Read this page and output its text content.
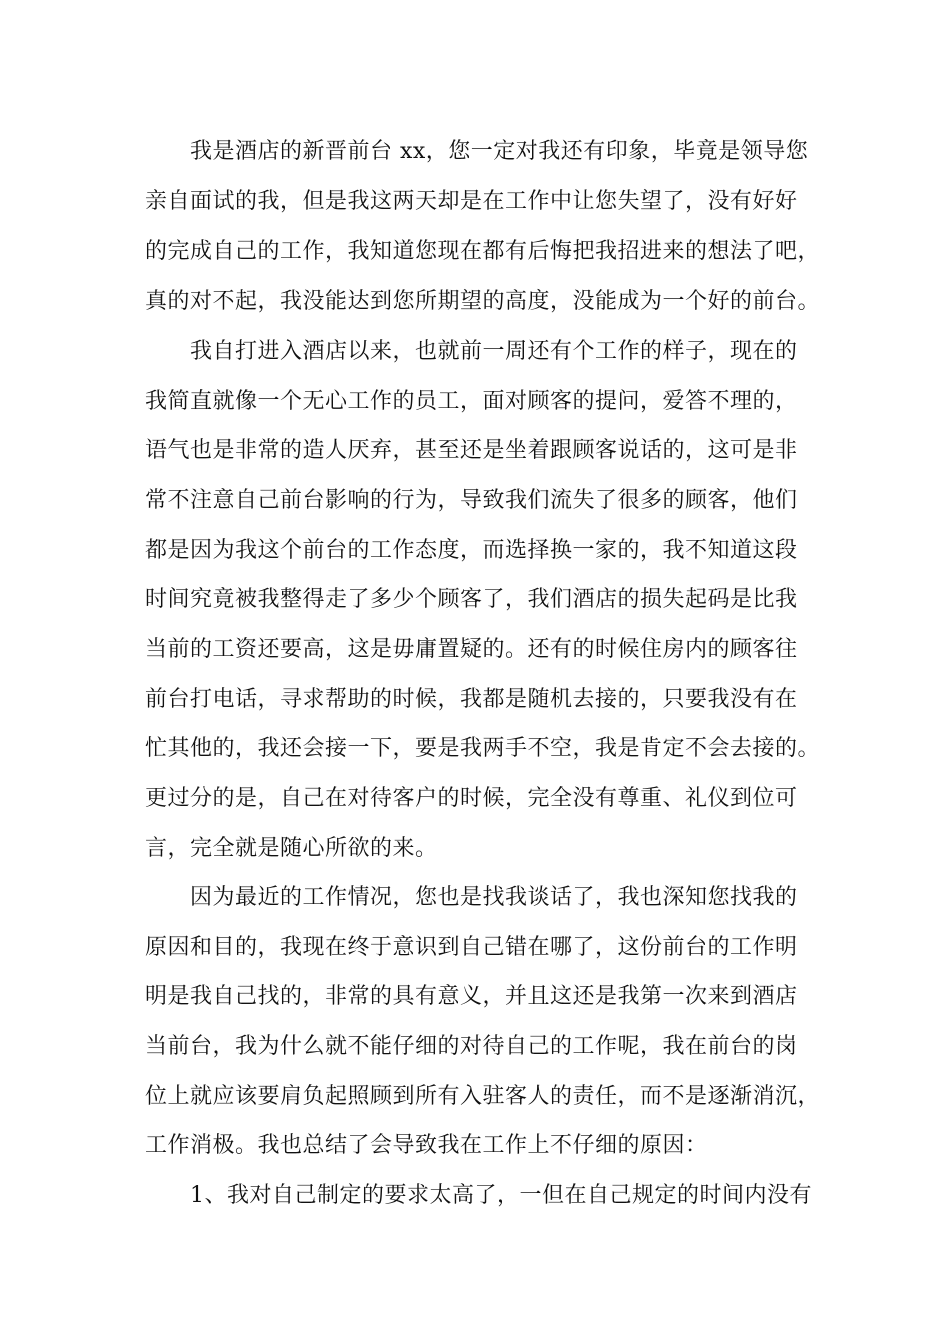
我是酒店的新晋前台 xx，您一定对我还有印象，毕竟是领导您
亲自面试的我，但是我这两天却是在工作中让您失望了，没有好好
的完成自己的工作，我知道您现在都有后悔把我招进来的想法了吧，
真的对不起，我没能达到您所期望的高度，没能成为一个好的前台。
我自打进入酒店以来，也就前一周还有个工作的样子，现在的
我简直就像一个无心工作的员工，面对顾客的提问，爱答不理的，
语气也是非常的造人厌弃，甚至还是坐着跟顾客说话的，这可是非
常不注意自己前台影响的行为，导致我们流失了很多的顾客，他们
都是因为我这个前台的工作态度，而选择换一家的，我不知道这段
时间究竟被我整得走了多少个顾客了，我们酒店的损失起码是比我
当前的工资还要高，这是毋庸置疑的。还有的时候住房内的顾客往
前台打电话，寻求帮助的时候，我都是随机去接的，只要我没有在
忙其他的，我还会接一下，要是我两手不空，我是肯定不会去接的。
更过分的是，自己在对待客户的时候，完全没有尊重、礼仪到位可
言，完全就是随心所欲的来。
因为最近的工作情况，您也是找我谈话了，我也深知您找我的
原因和目的，我现在终于意识到自己错在哪了，这份前台的工作明
明是我自己找的，非常的具有意义，并且这还是我第一次来到酒店
当前台，我为什么就不能仔细的对待自己的工作呢，我在前台的岗
位上就应该要肩负起照顾到所有入驻客人的责任，而不是逐渐消沉，
工作消极。我也总结了会导致我在工作上不仔细的原因：
1、我对自己制定的要求太高了，一但在自己规定的时间内没有
